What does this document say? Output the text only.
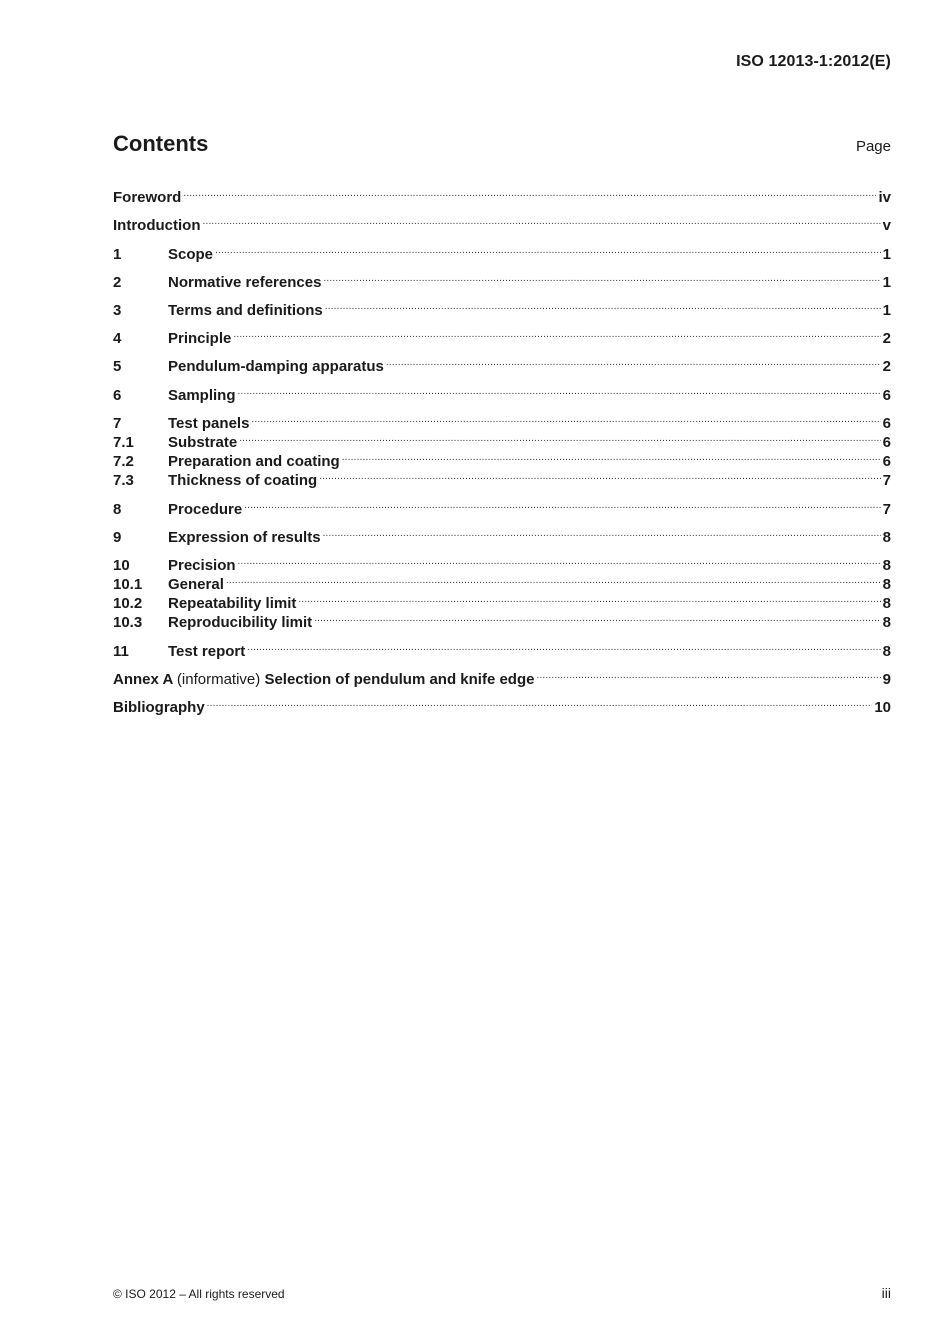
ISO 12013-1:2012(E)
Contents	Page
Foreword .....	iv
Introduction .....	v
1	Scope .....	1
2	Normative references .....	1
3	Terms and definitions .....	1
4	Principle .....	2
5	Pendulum-damping apparatus .....	2
6	Sampling .....	6
7	Test panels .....	6
7.1	Substrate .....	6
7.2	Preparation and coating .....	6
7.3	Thickness of coating .....	7
8	Procedure .....	7
9	Expression of results .....	8
10	Precision .....	8
10.1	General .....	8
10.2	Repeatability limit .....	8
10.3	Reproducibility limit .....	8
11	Test report .....	8
Annex A (informative) Selection of pendulum and knife edge .....	9
Bibliography .....	10
© ISO 2012 – All rights reserved	iii
